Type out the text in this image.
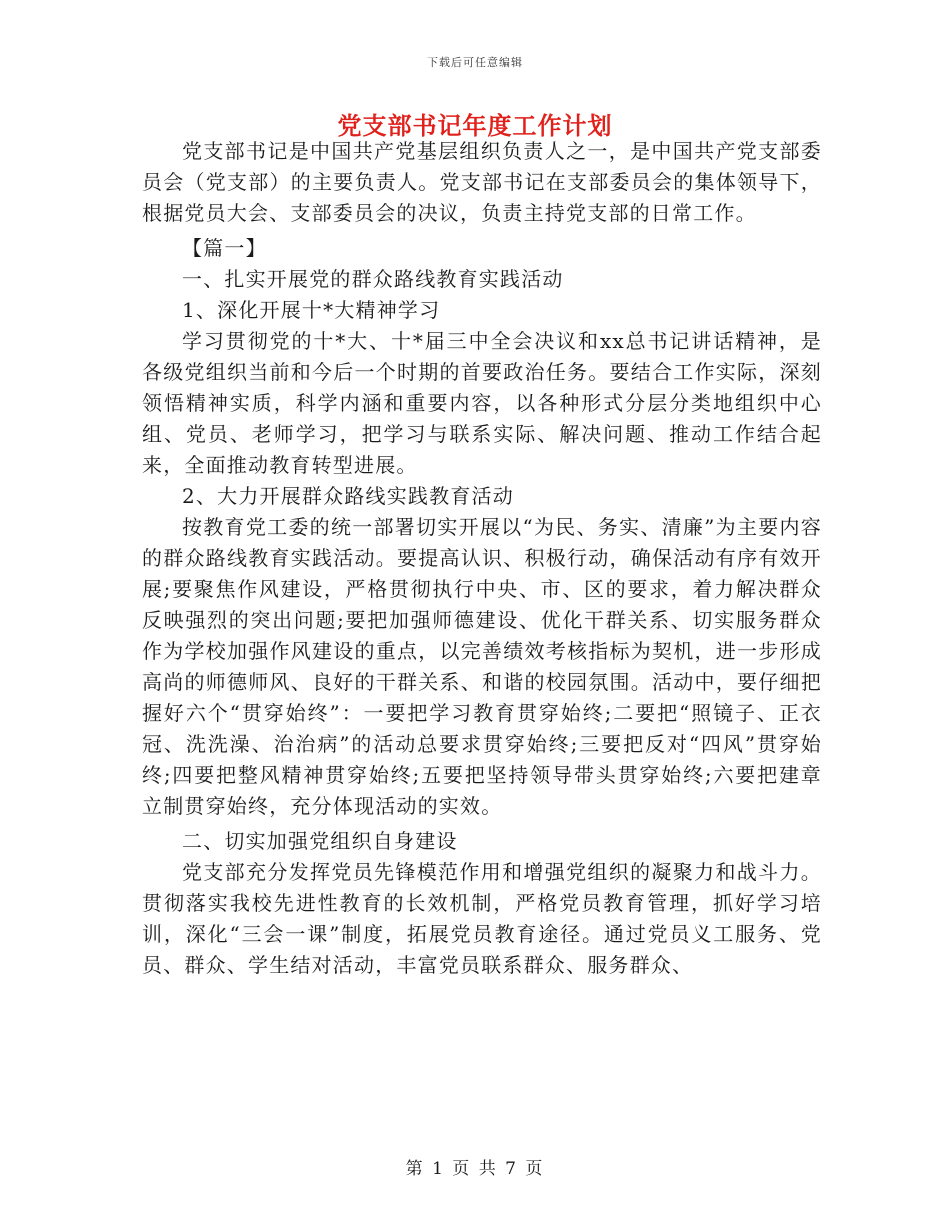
下载后可任意编辑
党支部书记年度工作计划

党支部书记是中国共产党基层组织负责人之一，是中国共产党支部委员会（党支部）的主要负责人。党支部书记在支部委员会的集体领导下，根据党员大会、支部委员会的决议，负责主持党支部的日常工作。

【篇一】

一、扎实开展党的群众路线教育实践活动

1、深化开展十*大精神学习

学习贯彻党的十*大、十*届三中全会决议和xx总书记讲话精神，是各级党组织当前和今后一个时期的首要政治任务。要结合工作实际，深刻领悟精神实质，科学内涵和重要内容，以各种形式分层分类地组织中心组、党员、老师学习，把学习与联系实际、解决问题、推动工作结合起来，全面推动教育转型进展。

2、大力开展群众路线实践教育活动

按教育党工委的统一部署切实开展以“为民、务实、清廉”为主要内容的群众路线教育实践活动。要提高认识、积极行动，确保活动有序有效开展;要聚焦作风建设，严格贯彻执行中央、市、区的要求，着力解决群众反映强烈的突出问题;要把加强师德建设、优化干群关系、切实服务群众作为学校加强作风建设的重点，以完善绩效考核指标为契机，进一步形成高尚的师德师风、良好的干群关系、和谐的校园氛围。活动中，要仔细把握好六个“贯穿始终”：一要把学习教育贯穿始终;二要把“照镜子、正衣冠、洗洗澡、治治病”的活动总要求贯穿始终;三要把反对“四风”贯穿始终;四要把整风精神贯穿始终;五要把坚持领导带头贯穿始终;六要把建章立制贯穿始终，充分体现活动的实效。

二、切实加强党组织自身建设

党支部充分发挥党员先锋模范作用和增强党组织的凝聚力和战斗力。贯彻落实我校先进性教育的长效机制，严格党员教育管理，抓好学习培训，深化“三会一课”制度，拓展党员教育途径。通过党员义工服务、党员、群众、学生结对活动，丰富党员联系群众、服务群众、

第 1 页 共 7 页
